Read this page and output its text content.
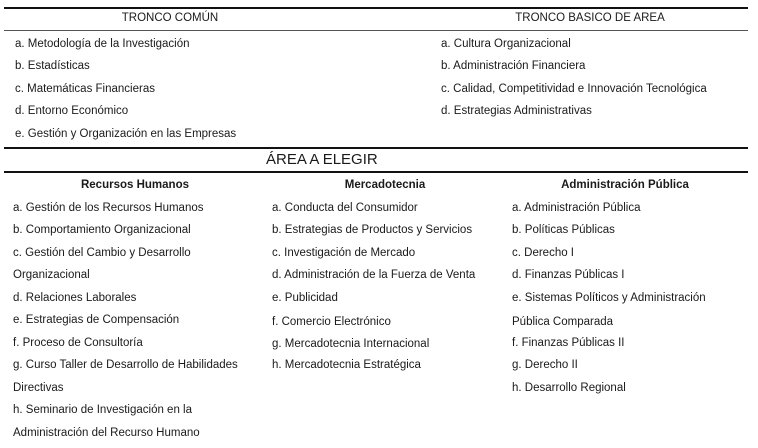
TRONCO COMÚN
a. Metodología de la Investigación
b. Estadísticas
c. Matemáticas Financieras
d. Entorno Económico
e. Gestión y Organización en las Empresas
TRONCO BASICO DE AREA
a. Cultura Organizacional
b. Administración Financiera
c. Calidad, Competitividad e Innovación Tecnológica
d. Estrategias Administrativas
ÁREA A ELEGIR
Recursos Humanos	Mercadotecnia	Administración Pública
a. Gestión de los Recursos Humanos
b. Comportamiento Organizacional
c. Gestión del Cambio y Desarrollo
Organizacional
d. Relaciones Laborales
e. Estrategias de Compensación
f. Proceso de Consultoría
g. Curso Taller de Desarrollo de Habilidades
Directivas
h. Seminario de Investigación en la
Administración del Recurso Humano
a. Conducta del Consumidor
b. Estrategias de Productos y Servicios
c. Investigación de Mercado
d. Administración de la Fuerza de Venta
e. Publicidad
f. Comercio Electrónico
g. Mercadotecnia Internacional
h. Mercadotecnia Estratégica
a. Administración Pública
b. Políticas Públicas
c. Derecho I
d. Finanzas Públicas I
e. Sistemas Políticos y Administración
Pública Comparada
f. Finanzas Públicas II
g. Derecho II
h. Desarrollo Regional
